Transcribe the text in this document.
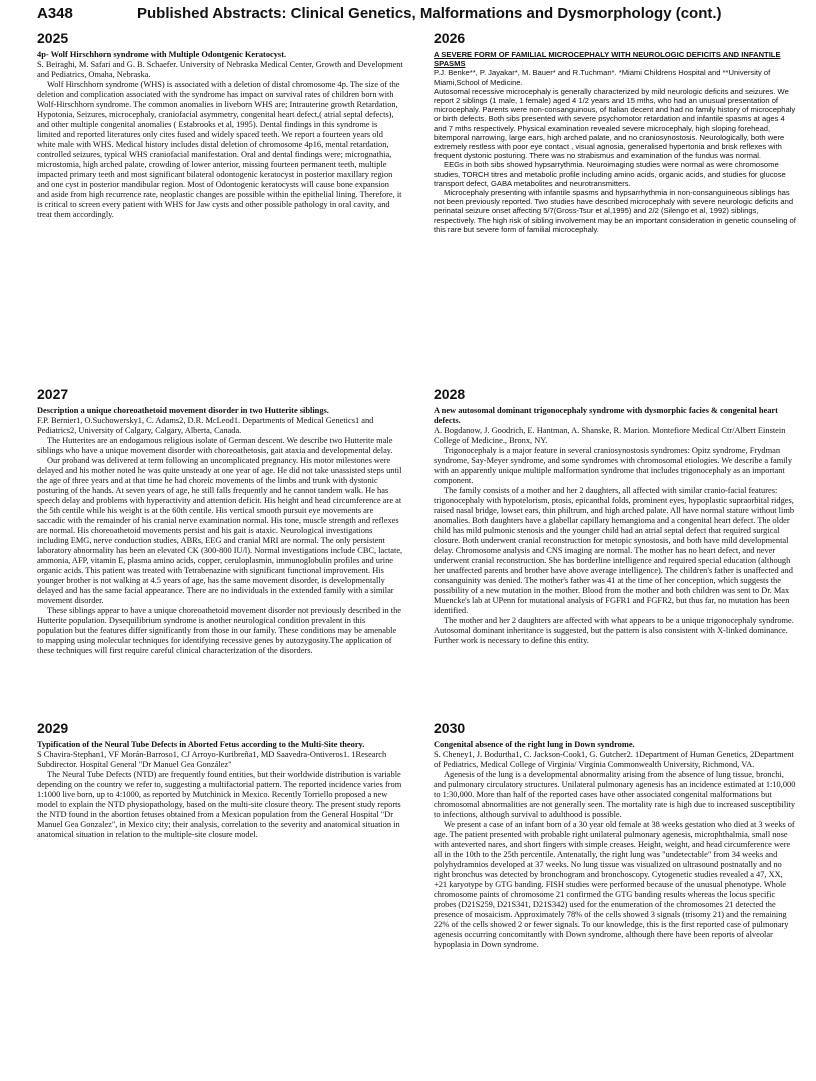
A348	Published Abstracts: Clinical Genetics, Malformations and Dysmorphology (cont.)
2025

4p- Wolf Hirschhorn syndrome with Multiple Odontgenic Keratocyst.

S. Beiraghi, M. Safari and G. B. Schaefer. University of Nebraska Medical Center, Growth and Development and Pediatrics, Omaha, Nebraska.

Wolf Hirschhorn syndrome (WHS) is associated with a deletion of distal chromosome 4p. The size of the deletion and complication associated with the syndrome has impact on survival rates of children born with Wolf-Hirschhorn syndrome. The common anomalies in liveborn WHS are; Intrauterine growth Retardation, Hypotonia, Seizures, microcephaly, craniofacial asymmetry, congenital heart defect,( atrial septal defects), and other multiple congenital anomalies ( Estabrooks et al, 1995). Dental findings in this syndrome is limited and reported literatures only cites fused and widely spaced teeth. We report a fourteen years old white male with WHS. Medical history includes distal deletion of chromosome 4p16, mental retardation, controlled seizures, typical WHS craniofacial manifestation. Oral and dental findings were; micrognathia, microstomia, high arched palate, crowding of lower anterior, missing fourteen permanent teeth, multiple impacted primary teeth and most significant bilateral odontogenic keratocyst in posterior maxillary region and one cyst in posterior mandibular region. Most of Odontogenic keratocysts will cause bone expansion and aside from high recurrence rate, neoplastic changes are possible within the epithelial lining. Therefore, it is critical to screen every patient with WHS for Jaw cysts and other possible pathology in oral cavity, and treat them accordingly.

2026

A SEVERE FORM OF FAMILIAL MICROCEPHALY WITH NEUROLOGIC DEFICITS AND INFANTILE SPASMS

P.J. Benke**, P. Jayakar*, M. Bauer* and R.Tuchman*. *Miami Childrens Hospital and **University of Miami,School of Medicine.

Autosomal recessive microcephaly is generally characterized by mild neurologic deficits and seizures. We report 2 siblings (1 male, 1 female) aged 4 1/2 years and 15 mths, who had an unusual presentation of microcephaly. Parents were non-consanguinous, of Italian decent and had no family history of microcephaly or birth defects. Both sibs presented with severe psychomotor retardation and infantile spasms at ages 4 and 7 mths respectively. Physical examination revealed severe microcephaly, high sloping forehead, bitemporal narrowing, large ears, high arched palate, and no craniosynostosis. Neurologically, both were extremely restless with poor eye contact , visual agnosia, generalised hypertonia and brisk reflexes with frequent dystonic posturing. There was no strabismus and examination of the fundus was normal.

EEGs in both sibs showed hypsarrythmia. Neuroimaging studies were normal as were chromosome studies, TORCH titres and metabolic profile including amino acids, organic acids, and studies for glucose transport defect, GABA metabolites and neurotransmitters.

Microcephaly presenting with infantile spasms and hypsarrhythmia in non-consanguineous siblings has not been previously reported. Two studies have described microcephaly with severe neurologic deficits and perinatal seizure onset affecting 5/7(Gross-Tsur et al,1995) and 2/2 (Silengo et al, 1992) siblings, respectively. The high risk of sibling involvement may be an important consideration in genetic counseling of this rare but severe form of familial microcephaly.

2027

Description a unique choreoathetoid movement disorder in two Hutterite siblings.

F.P. Bernier1, O.Suchowersky1, C. Adams2, D.R. McLeod1. Departments of Medical Genetics1 and Pediatrics2, University of Calgary, Calgary, Alberta, Canada.

The Hutterites are an endogamous religious isolate of German descent. We describe two Hutterite male siblings who have a unique movement disorder with choreoathetosis, gait ataxia and developmental delay.

Our proband was delivered at term following an uncomplicated pregnancy. His motor milestones were delayed and his mother noted he was quite unsteady at one year of age. He did not take unassisted steps until the age of three years and at that time he had choreic movements of the limbs and trunk with dystonic posturing of the hands. At seven years of age, he still falls frequently and he cannot tandem walk. He has speech delay and problems with hyperactivity and attention deficit. His height and head circumference are at the 5th centile while his weight is at the 60th centile. His vertical smooth pursuit eye movements are saccadic with the remainder of his cranial nerve examination normal. His tone, muscle strength and reflexes are normal. His choreoathetoid movements persist and his gait is ataxic. Neurological investigations including EMG, nerve conduction studies, ABRs, EEG and cranial MRI are normal. The only persistent laboratory abnormality has been an elevated CK (300-800 IU/l). Normal investigations include CBC, lactate, ammonia, AFP, vitamin E, plasma amino acids, copper, ceruloplasmin, immunoglobulin profiles and urine organic acids. This patient was treated with Tetrabenazine with significant functional improvement. His younger brother is not walking at 4.5 years of age, has the same movement disorder, is developmentally delayed and has the same facial appearance. There are no individuals in the extended family with a similar movement disorder.

These siblings appear to have a unique choreoathetoid movement disorder not previously described in the Hutterite population. Dysequilibrium syndrome is another neurological condition prevalent in this population but the features differ significantly from those in our family. These conditions may be amenable to mapping using molecular techniques for identifying recessive genes by autozygosity.The application of these techniques will first require careful clinical characterization of the disorders.

2028

A new autosomal dominant trigonocephaly syndrome with dysmorphic facies & congenital heart defects.

A. Bogdanow, J. Goodrich, E. Hantman, A. Shanske, R. Marion. Montefiore Medical Ctr/Albert Einstein College of Medicine., Bronx, NY.

Trigonocephaly is a major feature in several craniosynostosis syndromes: Opitz syndrome, Frydman syndrome, Say-Meyer syndrome, and some syndromes with chromosomal etiologies. We describe a family with an apparently unique multiple malformation syndrome that includes trigonocephaly as an important component.

The family consists of a mother and her 2 daughters, all affected with similar cranio-facial features: trigonocephaly with hypotelorism, ptosis, epicanthal folds, prominent eyes, hypoplastic supraorbital ridges, raised nasal bridge, lowset ears, thin philtrum, and high arched palate. All have normal stature without limb anomalies. Both daughters have a glabellar capillary hemangioma and a congenital heart defect. The older child has mild pulmonic stenosis and the younger child had an atrial septal defect that required surgical closure. Both underwent cranial reconstruction for metopic synostosis, and both have mild developmental delay. Chromosome analysis and CNS imaging are normal. The mother has no heart defect, and never underwent cranial reconstruction. She has borderline intelligence and required special education (although her unaffected parents and brother have above average intelligence). The children's father is unaffected and consanguinity was denied. The mother's father was 41 at the time of her conception, which suggests the possibility of a new mutation in the mother. Blood from the mother and both children was sent to Dr. Max Muencke's lab at UPenn for mutational analysis of FGFR1 and FGFR2, but thus far, no mutation has been identified.

The mother and her 2 daughters are affected with what appears to be a unique trigonocephaly syndrome. Autosomal dominant inheritance is suggested, but the pattern is also consistent with X-linked dominance. Further work is necessary to define this entity.

2029

Typification of the Neural Tube Defects in Aborted Fetus according to the Multi-Site theory.

S Chavira-Stephan1, VF Morán-Barroso1, CJ Arroyo-Kuribreña1, MD Saavedra-Ontiveros1. 1Research Subdirector. Hospital General "Dr Manuel Gea González"

The Neural Tube Defects (NTD) are frequently found entities, but their worldwide distribution is variable depending on the country we refer to, suggesting a multifactorial pattern. The reported incidence varies from 1:1000 live born, up to 4:1000, as reported by Mutchinick in Mexico. Recently Torriello proposed a new model to explain the NTD physiopathology, based on the multi-site closure theory. The present study reports the NTD found in the abortion fetuses obtained from a Mexican population from the General Hospital "Dr Manuel Gea Gonzalez", in Mexico city; their analysis, correlation to the severity and anatomical situation in anatomical situation in relation to the multiple-site closure model.

2030

Congenital absence of the right lung in Down syndrome.

S. Cheney1, J. Bodurtha1, C. Jackson-Cook1, G. Gutcher2. 1Department of Human Genetics, 2Department of Pediatrics, Medical College of Virginia/ Virginia Commonwealth University, Richmond, VA.

Agenesis of the lung is a developmental abnormality arising from the absence of lung tissue, bronchi, and pulmonary circulatory structures. Unilateral pulmonary agenesis has an incidence estimated at 1:10,000 to 1:30,000. More than half of the reported cases have other associated congenital malformations but chromosomal abnormalities are not generally seen. The mortality rate is high due to increased susceptibility to infections, although survival to adulthood is possible.

We present a case of an infant born of a 30 year old female at 38 weeks gestation who died at 3 weeks of age. The patient presented with probable right unilateral pulmonary agenesis, microphthalmia, small nose with anteverted nares, and short fingers with simple creases. Height, weight, and head circumference were all in the 10th to the 25th percentile. Antenatally, the right lung was "undetectable" from 34 weeks and polyhydramnios developed at 37 weeks. No lung tissue was visualized on ultrasound postnatally and no right bronchus was detected by bronchogram and bronchoscopy. Cytogenetic studies revealed a 47, XX, +21 karyotype by GTG banding. FISH studies were performed because of the unusual phenotype. Whole chromosome paints of chromosome 21 confirmed the GTG banding results whereas the locus specific probes (D21S259, D21S341, D21S342) used for the enumeration of the chromosomes 21 detected the presence of mosaicism. Approximately 78% of the cells showed 3 signals (trisomy 21) and the remaining 22% of the cells showed 2 or fewer signals. To our knowledge, this is the first reported case of pulmonary agenesis occurring concomitantly with Down syndrome, although there have been reports of alveolar hypoplasia in Down syndrome.
